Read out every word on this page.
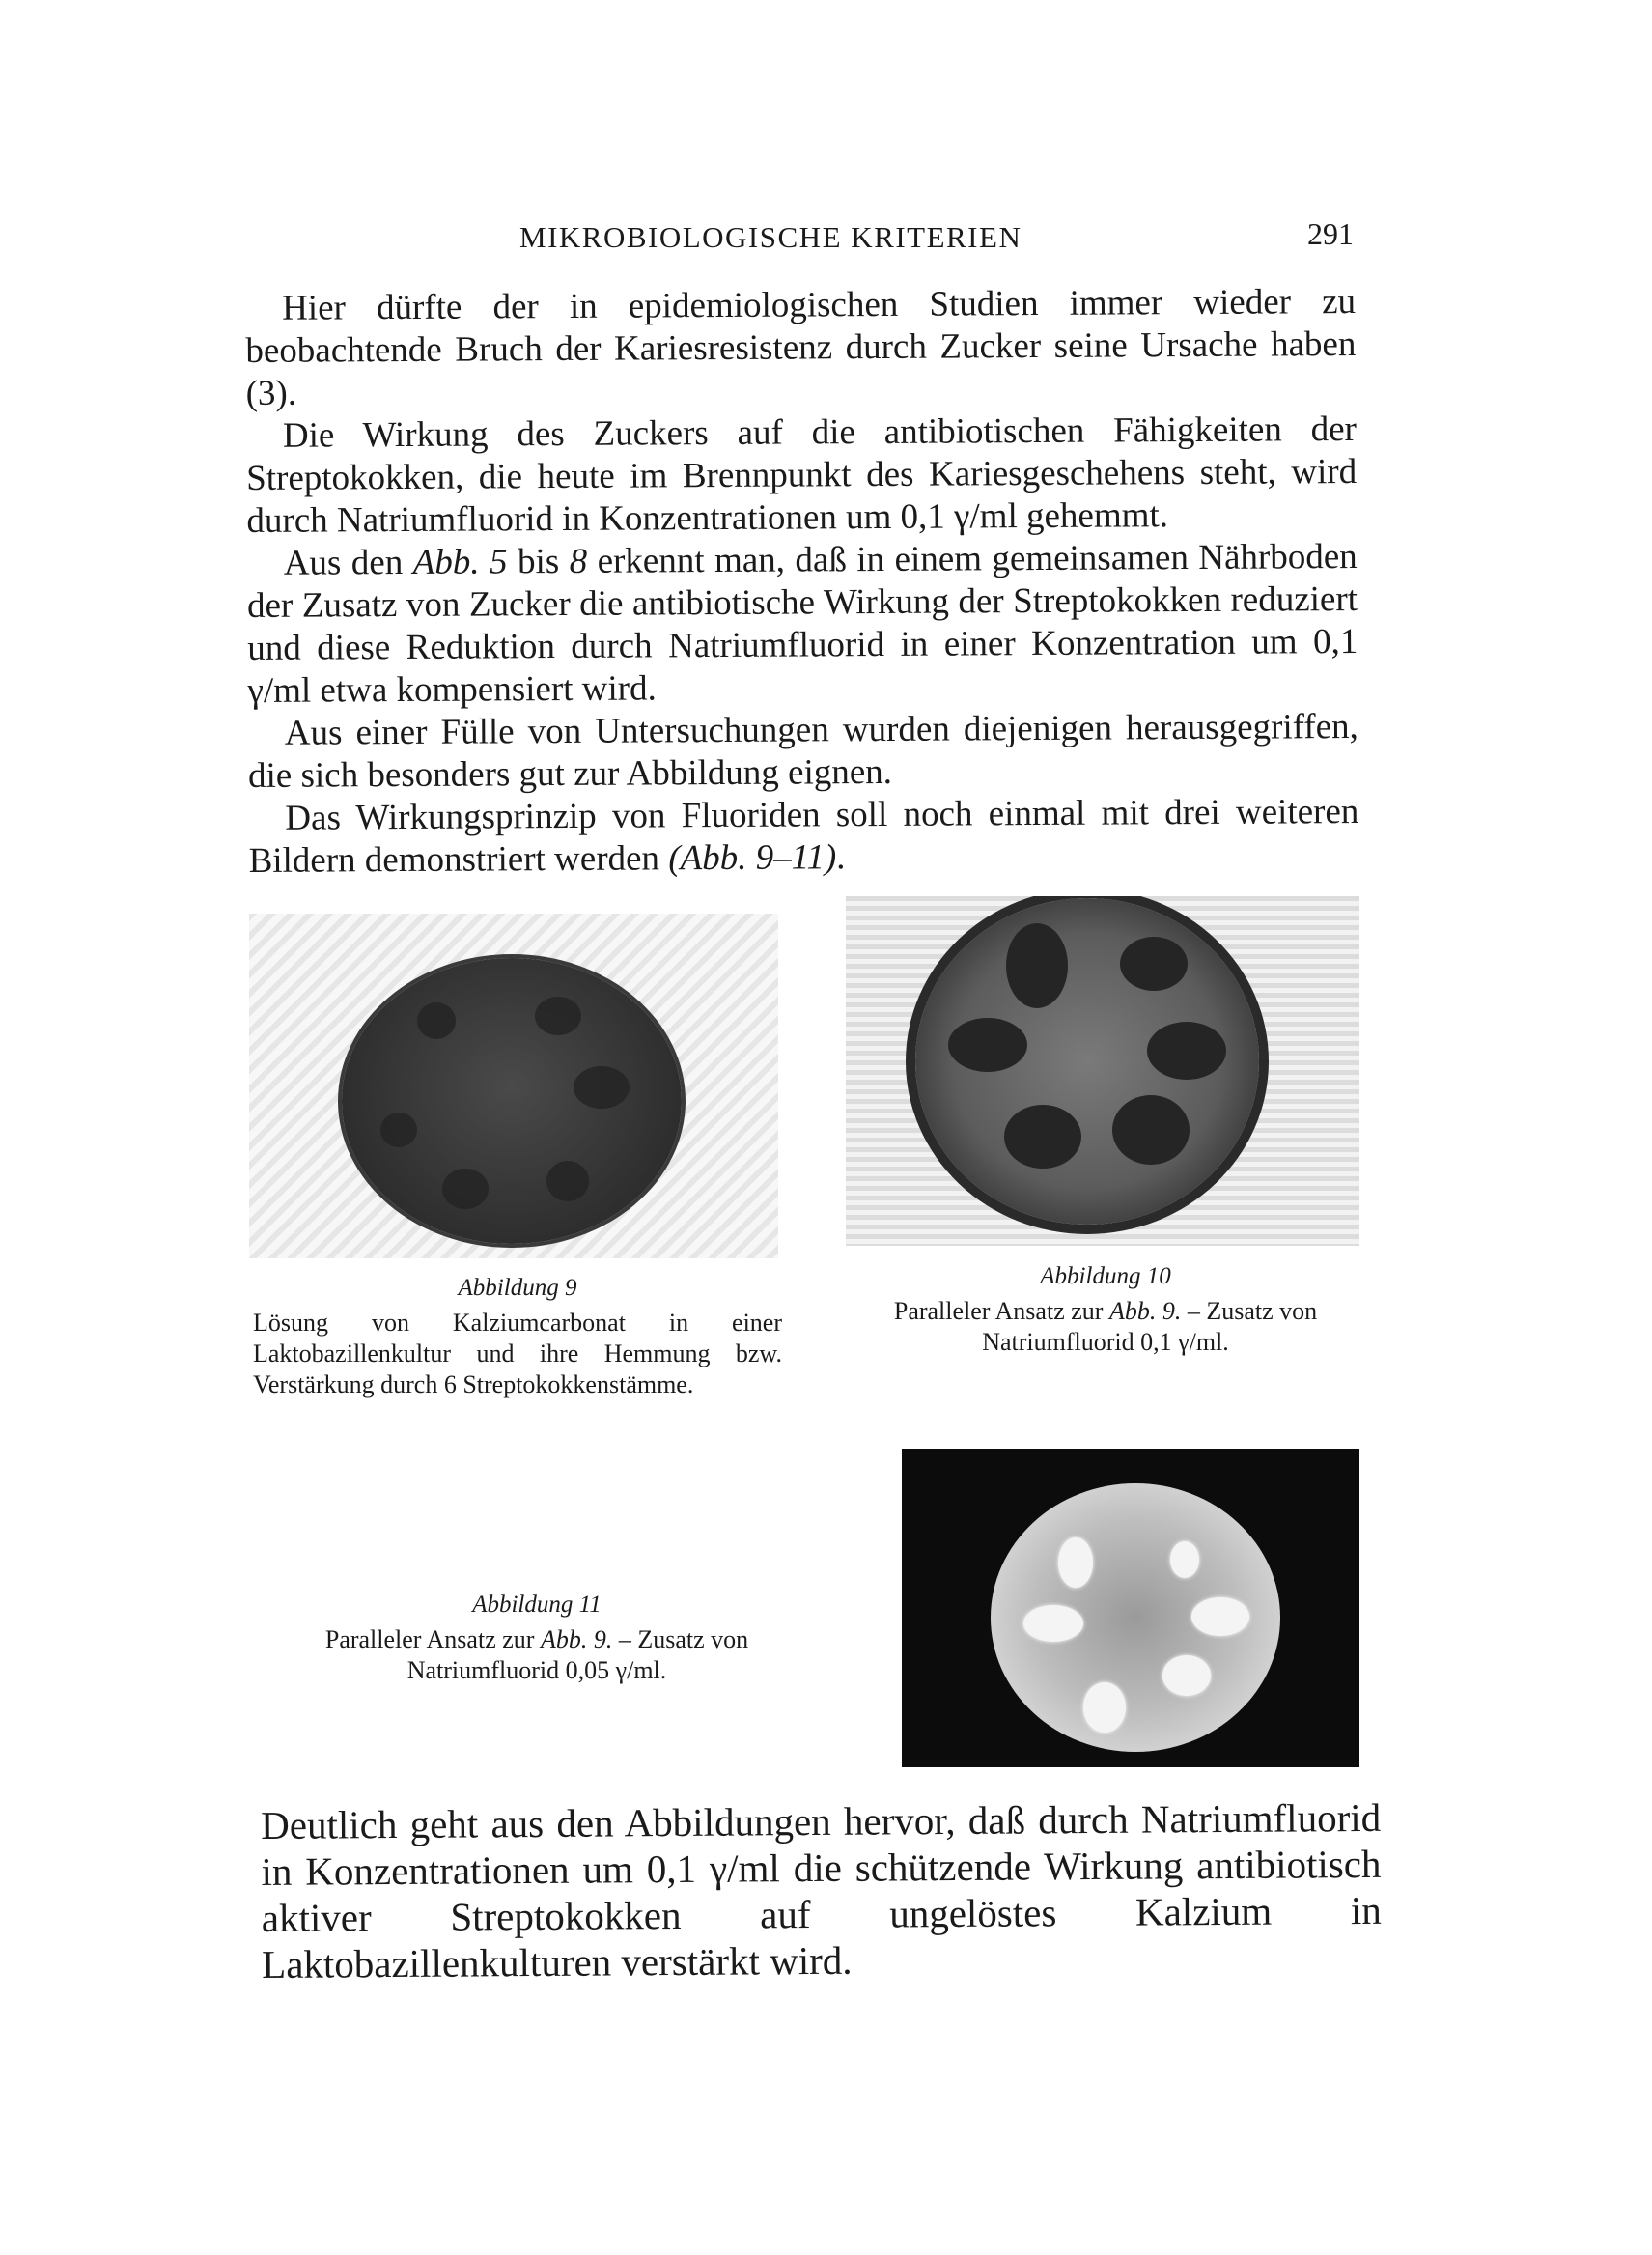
MIKROBIOLOGISCHE KRITERIEN	291

Hier dürfte der in epidemiologischen Studien immer wieder zu beobachtende Bruch der Kariesresistenz durch Zucker seine Ursache haben (3).

Die Wirkung des Zuckers auf die antibiotischen Fähigkeiten der Streptokokken, die heute im Brennpunkt des Kariesgeschehens steht, wird durch Natriumfluorid in Konzentrationen um 0,1 γ/ml gehemmt.

Aus den Abb. 5 bis 8 erkennt man, daß in einem gemeinsamen Nährboden der Zusatz von Zucker die antibiotische Wirkung der Streptokokken reduziert und diese Reduktion durch Natriumfluorid in einer Konzentration um 0,1 γ/ml etwa kompensiert wird.

Aus einer Fülle von Untersuchungen wurden diejenigen herausgegriffen, die sich besonders gut zur Abbildung eignen.

Das Wirkungsprinzip von Fluoriden soll noch einmal mit drei weiteren Bildern demonstriert werden (Abb. 9–11).

Abbildung 9
Lösung von Kalziumcarbonat in einer Laktobazillenkultur und ihre Hemmung bzw. Verstärkung durch 6 Streptokokkenstämme.
Abbildung 10
Paralleler Ansatz zur Abb. 9. – Zusatz von Natriumfluorid 0,1 γ/ml.
Abbildung 11
Paralleler Ansatz zur Abb. 9. – Zusatz von Natriumfluorid 0,05 γ/ml.

Deutlich geht aus den Abbildungen hervor, daß durch Natriumfluorid in Konzentrationen um 0,1 γ/ml die schützende Wirkung antibiotisch aktiver Streptokokken auf ungelöstes Kalzium in Laktobazillenkulturen verstärkt wird.
